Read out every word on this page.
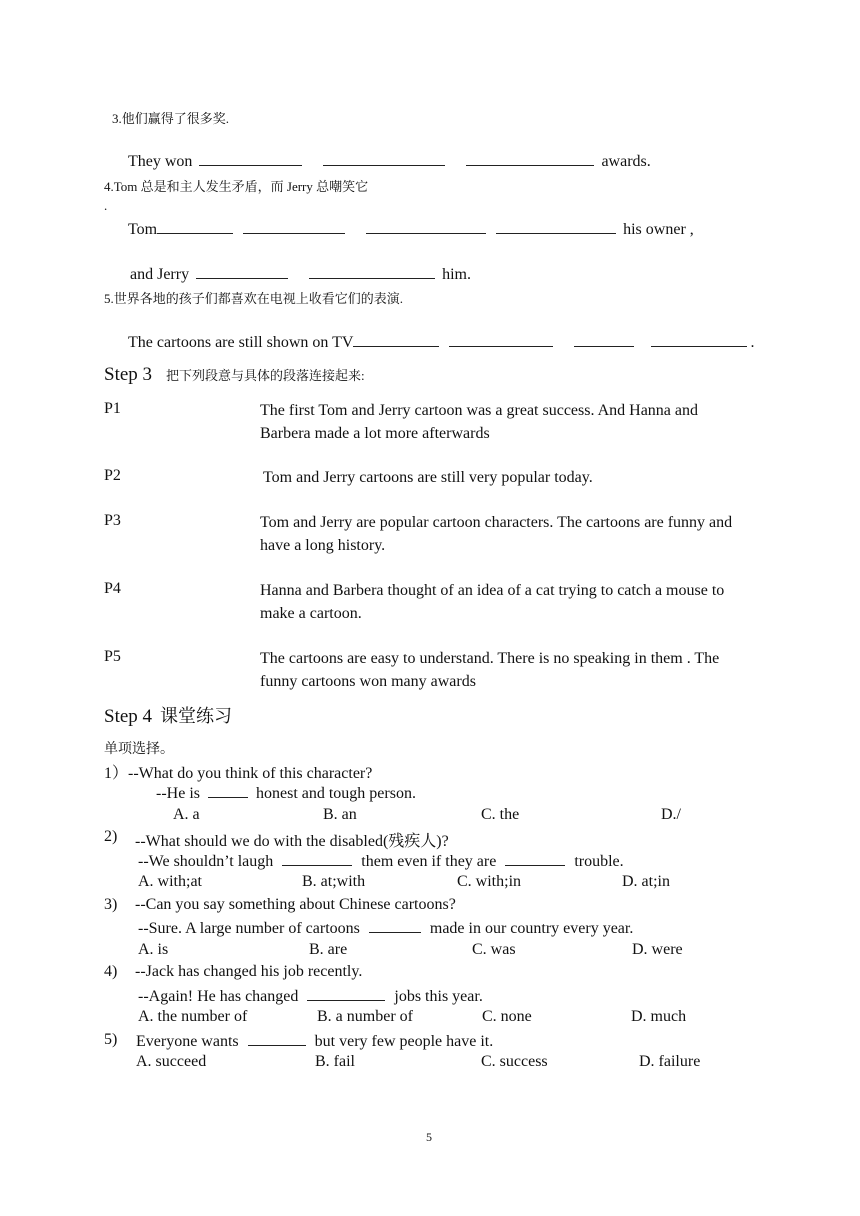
3.他们赢得了很多奖.
They won	awards.
4.Tom 总是和主人发生矛盾，而 Jerry 总嘲笑它
.
Tom	his owner ,
and Jerry	him.
5.世界各地的孩子们都喜欢在电视上收看它们的表演.
The cartoons are still shown on TV	.
Step 3 把下列段意与具体的段落连接起来:
P1	The first Tom and Jerry cartoon was a great success. And Hanna and Barbera made a lot more afterwards
P2	Tom and Jerry cartoons are still very popular today.
P3	Tom and Jerry are popular cartoon characters. The cartoons are funny and have a long history.
P4	Hanna and Barbera thought of an idea of a cat trying to catch a mouse to make a cartoon.
P5	The cartoons are easy to understand. There is no speaking in them . The funny cartoons won many awards
Step 4 课堂练习
单项选择。
1）--What do you think of this character?
--He is	honest and tough person.
A. a	B. an	C. the	D./
2) --What should we do with the disabled(残疾人)?
--We shouldn’t laugh	them even if they are	trouble.
A. with;at	B. at;with	C. with;in	D. at;in
3) --Can you say something about Chinese cartoons?
--Sure. A large number of cartoons	made in our country every year.
A. is	B. are	C. was	D. were
4) --Jack has changed his job recently.
--Again! He has changed	jobs this year.
A. the number of	B. a number of	C. none	D. much
5) Everyone wants	but very few people have it.
A. succeed	B. fail	C. success	D. failure
5
